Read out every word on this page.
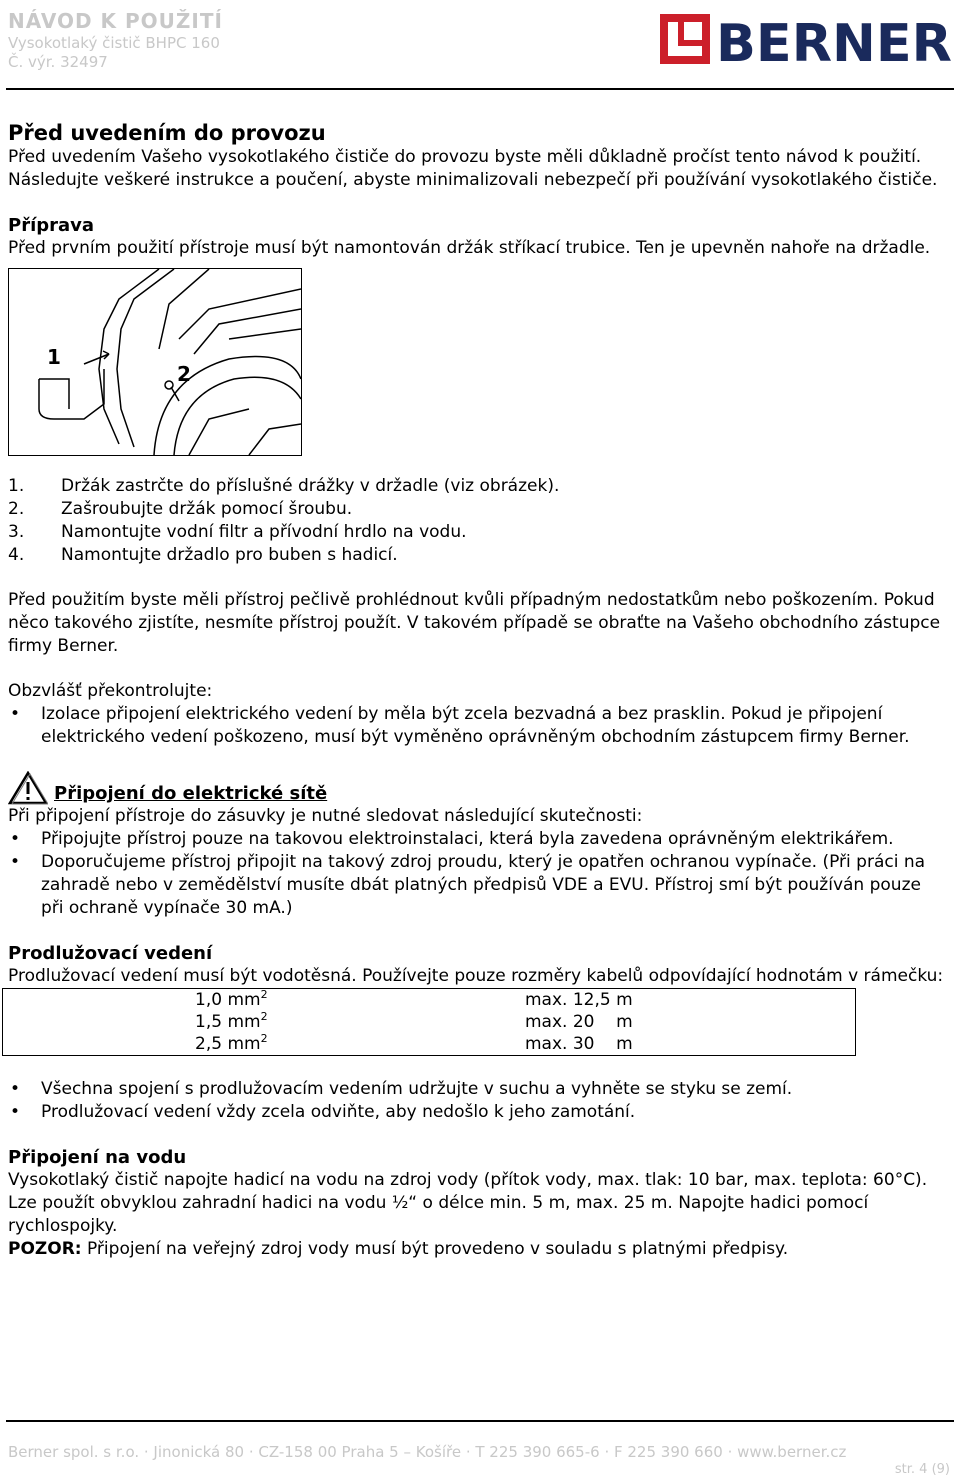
NÁVOD K POUŽITÍ
Vysokotlaký čistič BHPC 160
Č. výr. 32497	BERNER
Před uvedením do provozu

Před uvedením Vašeho vysokotlakého čističe do provozu byste měli důkladně pročíst tento návod k použití. Následujte veškeré instrukce a poučení, abyste minimalizovali nebezpečí při používání vysokotlakého čističe.

Příprava

Před prvním použití přístroje musí být namontován držák stříkací trubice. Ten je upevněn nahoře na držadle.

1
2
1. Držák zastrčte do příslušné drážky v držadle (viz obrázek).
2. Zašroubujte držák pomocí šroubu.
3. Namontujte vodní filtr a přívodní hrdlo na vodu.
4. Namontujte držadlo pro buben s hadicí.

Před použitím byste měli přístroj pečlivě prohlédnout kvůli případným nedostatkům nebo poškozením. Pokud něco takového zjistíte, nesmíte přístroj použít. V takovém případě se obraťte na Vašeho obchodního zástupce firmy Berner.

Obzvlášť překontrolujte:

• Izolace připojení elektrického vedení by měla být zcela bezvadná a bez prasklin. Pokud je připojení elektrického vedení poškozeno, musí být vyměněno oprávněným obchodním zástupcem firmy Berner.
Připojení do elektrické sítě

Při připojení přístroje do zásuvky je nutné sledovat následující skutečnosti:

• Připojujte přístroj pouze na takovou elektroinstalaci, která byla zavedena oprávněným elektrikářem.
• Doporučujeme přístroj připojit na takový zdroj proudu, který je opatřen ochranou vypínače. (Při práci na zahradě nebo v zemědělství musíte dbát platných předpisů VDE a EVU. Přístroj smí být používán pouze při ochraně vypínače 30 mA.)
Prodlužovací vedení

Prodlužovací vedení musí být vodotěsná. Používejte pouze rozměry kabelů odpovídající hodnotám v rámečku:

1,0 $mm^2$	max. 12,5 m
1,5 $mm^2$	max. 20    m
2,5 $mm^2$	max. 30    m
• Všechna spojení s prodlužovacím vedením udržujte v suchu a vyhněte se styku se zemí.
• Prodlužovací vedení vždy zcela odviňte, aby nedošlo k jeho zamotání.
Připojení na vodu

Vysokotlaký čistič napojte hadicí na vodu na zdroj vody (přítok vody, max. tlak: 10 bar, max. teplota: 60°C). Lze použít obvyklou zahradní hadici na vodu ½“ o délce min. 5 m, max. 25 m. Napojte hadici pomocí rychlospojky.

POZOR: Připojení na veřejný zdroj vody musí být provedeno v souladu s platnými předpisy.

Berner spol. s r.o. · Jinonická 80 · CZ-158 00 Praha 5 – Košíře · T 225 390 665-6 · F 225 390 660 · www.berner.cz
str. 4 (9)
